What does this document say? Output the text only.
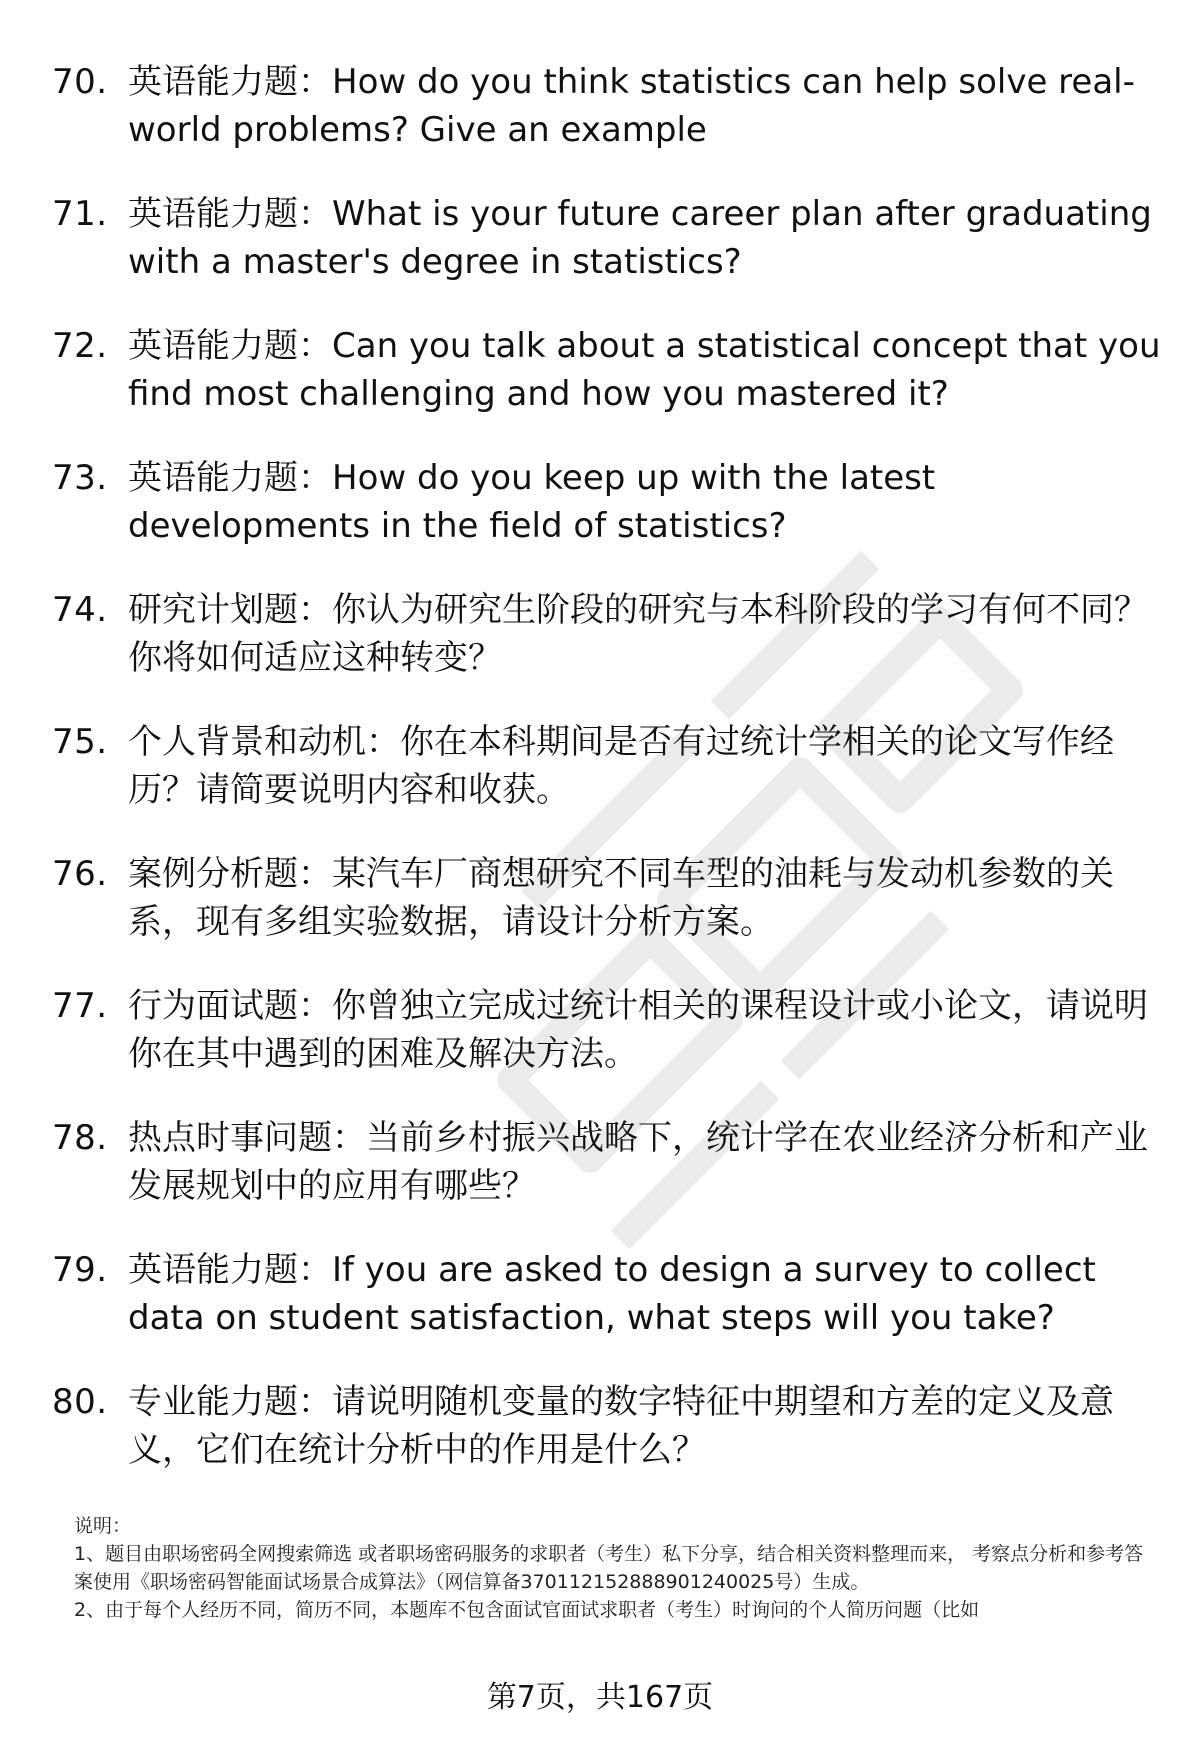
70. 英语能力题：How do you think statistics can help solve real-world problems? Give an example
71. 英语能力题：What is your future career plan after graduating with a master's degree in statistics?
72. 英语能力题：Can you talk about a statistical concept that you find most challenging and how you mastered it?
73. 英语能力题：How do you keep up with the latest developments in the field of statistics?
74. 研究计划题：你认为研究生阶段的研究与本科阶段的学习有何不同？你将如何适应这种转变？
75. 个人背景和动机：你在本科期间是否有过统计学相关的论文写作经历？请简要说明内容和收获。
76. 案例分析题：某汽车厂商想研究不同车型的油耗与发动机参数的关系，现有多组实验数据，请设计分析方案。
77. 行为面试题：你曾独立完成过统计相关的课程设计或小论文，请说明你在其中遇到的困难及解决方法。
78. 热点时事问题：当前乡村振兴战略下，统计学在农业经济分析和产业发展规划中的应用有哪些？
79. 英语能力题：If you are asked to design a survey to collect data on student satisfaction, what steps will you take?
80. 专业能力题：请说明随机变量的数字特征中期望和方差的定义及意义，它们在统计分析中的作用是什么？

说明：

1、题目由职场密码全网搜索筛选 或者职场密码服务的求职者（考生）私下分享，结合相关资料整理而来， 考察点分析和参考答案使用《职场密码智能面试场景合成算法》（网信算备370112152888901240025号）生成。

2、由于每个人经历不同，简历不同，本题库不包含面试官面试求职者（考生）时询问的个人简历问题（比如

第7页，共167页
